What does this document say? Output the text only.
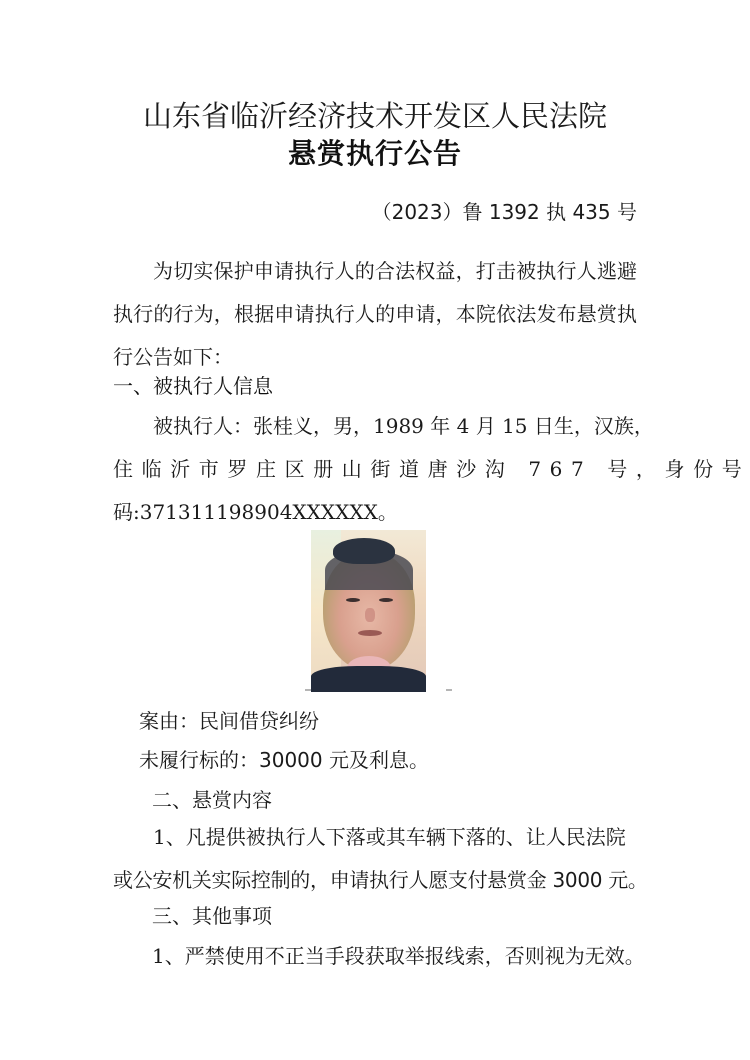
山东省临沂经济技术开发区人民法院
悬赏执行公告
（2023）鲁 1392 执 435 号
为切实保护申请执行人的合法权益，打击被执行人逃避执行的行为，根据申请执行人的申请，本院依法发布悬赏执行公告如下：
一、被执行人信息
被执行人：张桂义，男，1989 年 4 月 15 日生，汉族，
住临沂市罗庄区册山街道唐沙沟 767 号，身份号
码:371311198904XXXXXX。
案由：民间借贷纠纷
未履行标的：30000 元及利息。
二、悬赏内容
1、凡提供被执行人下落或其车辆下落的、让人民法院
或公安机关实际控制的，申请执行人愿支付悬赏金 3000 元。
三、其他事项
1、严禁使用不正当手段获取举报线索，否则视为无效。
